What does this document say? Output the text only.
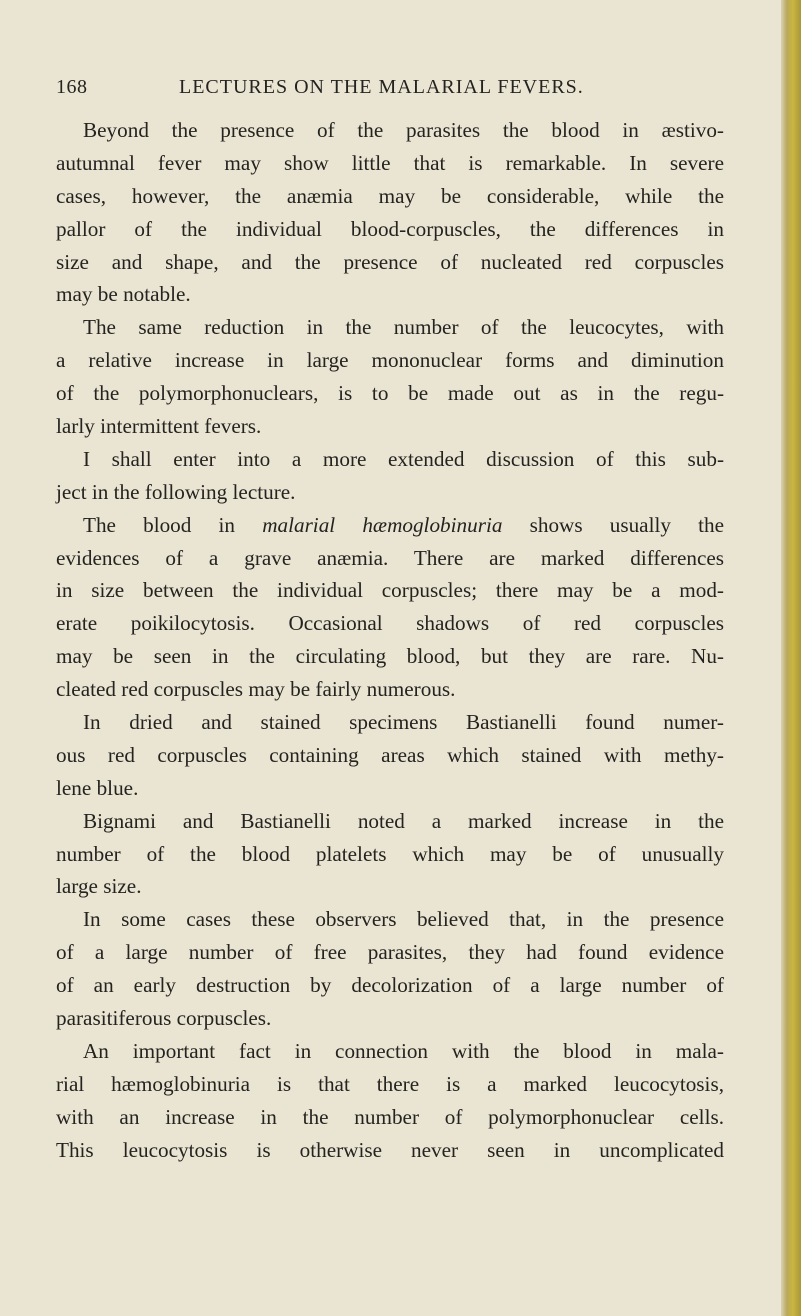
168	LECTURES ON THE MALARIAL FEVERS.
Beyond the presence of the parasites the blood in æstivo-
autumnal fever may show little that is remarkable. In severe
cases, however, the anæmia may be considerable, while the
pallor of the individual blood-corpuscles, the differences in
size and shape, and the presence of nucleated red corpuscles
may be notable.
The same reduction in the number of the leucocytes, with
a relative increase in large mononuclear forms and diminution
of the polymorphonuclears, is to be made out as in the regu-
larly intermittent fevers.
I shall enter into a more extended discussion of this sub-
ject in the following lecture.
The blood in malarial hæmoglobinuria shows usually the
evidences of a grave anæmia. There are marked differences
in size between the individual corpuscles; there may be a mod-
erate poikilocytosis. Occasional shadows of red corpuscles
may be seen in the circulating blood, but they are rare. Nu-
cleated red corpuscles may be fairly numerous.
In dried and stained specimens Bastianelli found numer-
ous red corpuscles containing areas which stained with methy-
lene blue.
Bignami and Bastianelli noted a marked increase in the
number of the blood platelets which may be of unusually
large size.
In some cases these observers believed that, in the presence
of a large number of free parasites, they had found evidence
of an early destruction by decolorization of a large number of
parasitiferous corpuscles.
An important fact in connection with the blood in mala-
rial hæmoglobinuria is that there is a marked leucocytosis,
with an increase in the number of polymorphonuclear cells.
This leucocytosis is otherwise never seen in uncomplicated
